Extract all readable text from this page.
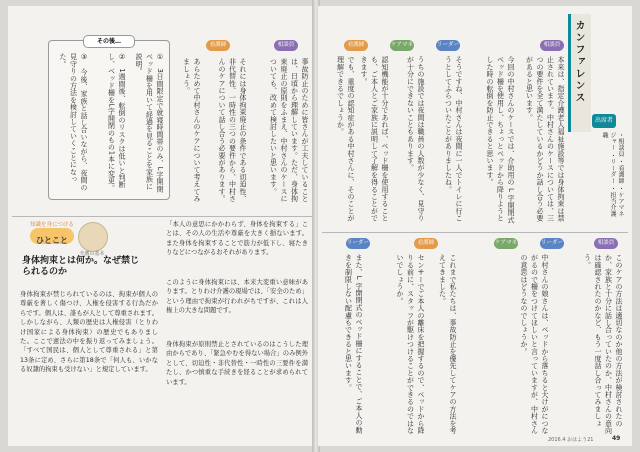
その後…
①　3日間限定で就寝時間帯のみ、L字開閉ベッド柵を用いて経過を見ることを家族に説明。
②　1週間後、転倒のリスクは低いと判断し、ベッド柵をL字開閉のもの1本に変更。
③　今後、家族と話し合いながら、夜間の見守りの方法を検討していくことになった。
相談員
看護師
事故防止のために皆さんが工夫していることは、日頃から理解しています。ただ、身体拘束廃止の原則をふまえ、中村さんのケースについても、改めて検討したいと思います。
それには身体拘束廃止の条件である切迫性、非代替性、一時性の三つの要件から、中村さんのケアについて話し合う必要があります。
あらためて中村さんのケアについて考えてみましょう。
知識を身につける
ひとこと
介護の基本
身体拘束とは何か。なぜ禁じられるのか
身体拘束が禁じられているのは、拘束が個人の尊厳を著しく傷つけ、人権を侵害する行為だからです。個人は、誰もが人として尊重されます。しかしながら、人類の歴史は人権侵害（とりわけ国家による身体拘束）の歴史でもありました。ここで憲法の中を振り返ってみましょう。「すべて国民は、個人として尊重される」と第13条に定め、さらに第18条で「何人も、いかなる奴隷的拘束も受けない」と規定しています。
「本人の意思にかかわらず、身体を拘束する」ことは、その人の生活や尊厳を大きく損ないます。また身体を拘束することで筋力が低下し、寝たきりなどにつながるおそれがあります。
このように身体拘束には、本来大変重い意味があります。とりわけ介護の現場では、「安全のため」という理由で拘束が行われがちですが、これは人権上の大きな問題です。
身体拘束が原則禁止とされているのはこうした理由からであり、「緊急やむを得ない場合」のみ例外として、切迫性・非代替性・一時性の三要件を満たし、かつ慎重な手続きを経ることが求められています。
カンファレンス
出席者
・相談員 ・看護師 ・ケアマネジャー ・リーダー ・担当介護職
相談員
リーダー
ケアマネ
看護師
本来は、指定介護老人福祉施設等では身体拘束は禁止されています。中村さんのケースについては、三つの要件を全て満たしているかどうか話し合う必要があると思います。
今回の中村さんのケースでは、介助用の L 字開閉式ベッド柵を使用し、ちょっとベッドから降りようとした時の転倒を防止できると思います。
そうですね、中村さんは夜間に一人でトイレに行こうとしてふらついたことがありましたね。
うちの施設では夜間は職員の人数が少なく、見守りが十分にできないこともあります。
認知機能が十分であれば、ベッド柵を使用することも、ご本人とご家族に説明して了解を得ることができます。
でも、重度の認知症がある中村さんに、そのことが理解できるでしょうか。
リーダー
ケアマネ
看護師
リーダー	相談員
このケアの方法は適切なのか他の方法が検討されたのか、家族と十分に話し合っていたのか、中村さんの意向は確認されたのかなど、もう一度話し合ってみましょう。
中村さんの娘さんは、ベッドから落ちると大けがにつながるので柵をつけてほしいと言っていますが、中村さんの意思はどうなのでしょうか。
これまで私たちは、事故防止を優先してケアの方法を考えてきました。
センサーでご本人の離床を把握するので、ベッドから降りる前に、スタッフが駆けつけることができるのではないでしょうか。
また、L 字開閉式のベッド柵にすることで、ご本人の動きを制限しない配慮もできると思います。
2016.4 おはよう21	49
